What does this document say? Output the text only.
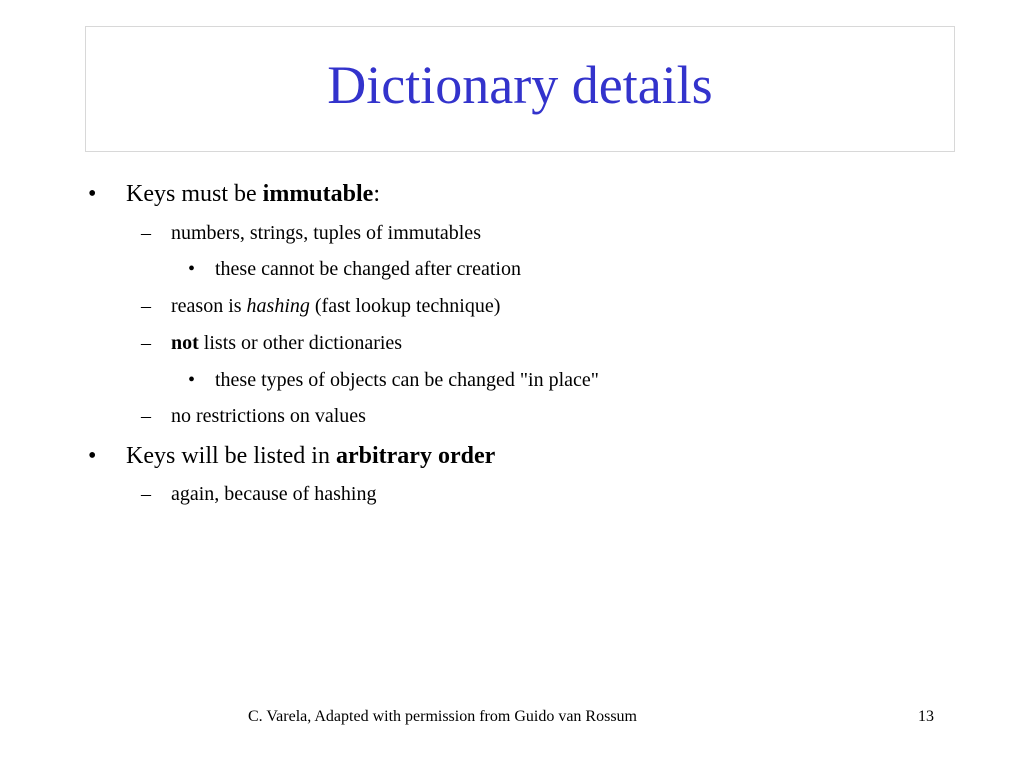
Dictionary details
• Keys must be immutable:
– numbers, strings, tuples of immutables
• these cannot be changed after creation
– reason is hashing (fast lookup technique)
– not lists or other dictionaries
• these types of objects can be changed "in place"
– no restrictions on values
• Keys will be listed in arbitrary order
– again, because of hashing
C. Varela, Adapted with permission from Guido van Rossum	13
